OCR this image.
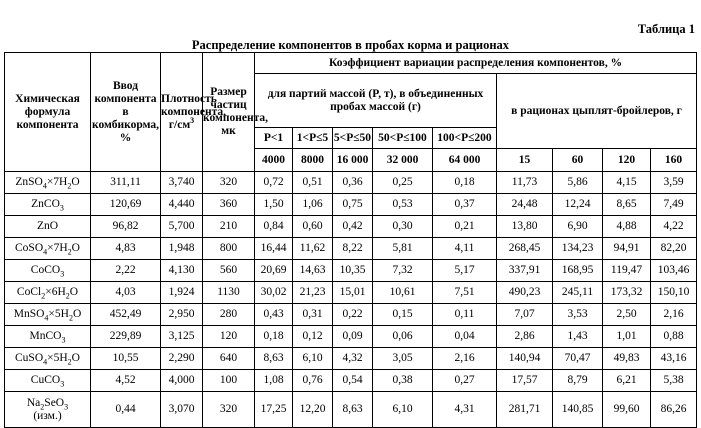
Таблица 1
Распределение компонентов в пробах корма и рационах
Химическая формула компонента	Ввод компонента в комбикорма, %	Плотность компонента, $г/см^3$	Размер частиц компонента, мк	Коэффициент вариации распределения компонентов, %								
				для партий массой (P, т), в объединенных пробах массой (г)					в рационах цыплят-бройлеров, г			
				P<1	1<P≤5	5<P≤50	50<P≤100	100<P≤200				
				4000	8000	16 000	32 000	64 000	15	60	120	160
$ZnSO_4\times 7H_2O$	311,11	3,740	320	0,72	0,51	0,36	0,25	0,18	11,73	5,86	4,15	3,59
ZnCO$_3$	120,69	4,440	360	1,50	1,06	0,75	0,53	0,37	24,48	12,24	8,65	7,49
ZnO	96,82	5,700	210	0,84	0,60	0,42	0,30	0,21	13,80	6,90	4,88	4,22
$CoSO_4\times 7H_2O$	4,83	1,948	800	16,44	11,62	8,22	5,81	4,11	268,45	134,23	94,91	82,20
CoCO$_3$	2,22	4,130	560	20,69	14,63	10,35	7,32	5,17	337,91	168,95	119,47	103,46
$CoCl_2\times 6H_2O$	4,03	1,924	1130	30,02	21,23	15,01	10,61	7,51	490,23	245,11	173,32	150,10
$MnSO_4\times 5H_2O$	452,49	2,950	280	0,43	0,31	0,22	0,15	0,11	7,07	3,53	2,50	2,16
MnCO$_3$	229,89	3,125	120	0,18	0,12	0,09	0,06	0,04	2,86	1,43	1,01	0,88
$CuSO_4\times 5H_2O$	10,55	2,290	640	8,63	6,10	4,32	3,05	2,16	140,94	70,47	49,83	43,16
CuCO$_3$	4,52	4,000	100	1,08	0,76	0,54	0,38	0,27	17,57	8,79	6,21	5,38
$Na_2SeO_3$
(изм.)	0,44	3,070	320	17,25	12,20	8,63	6,10	4,31	281,71	140,85	99,60	86,26
